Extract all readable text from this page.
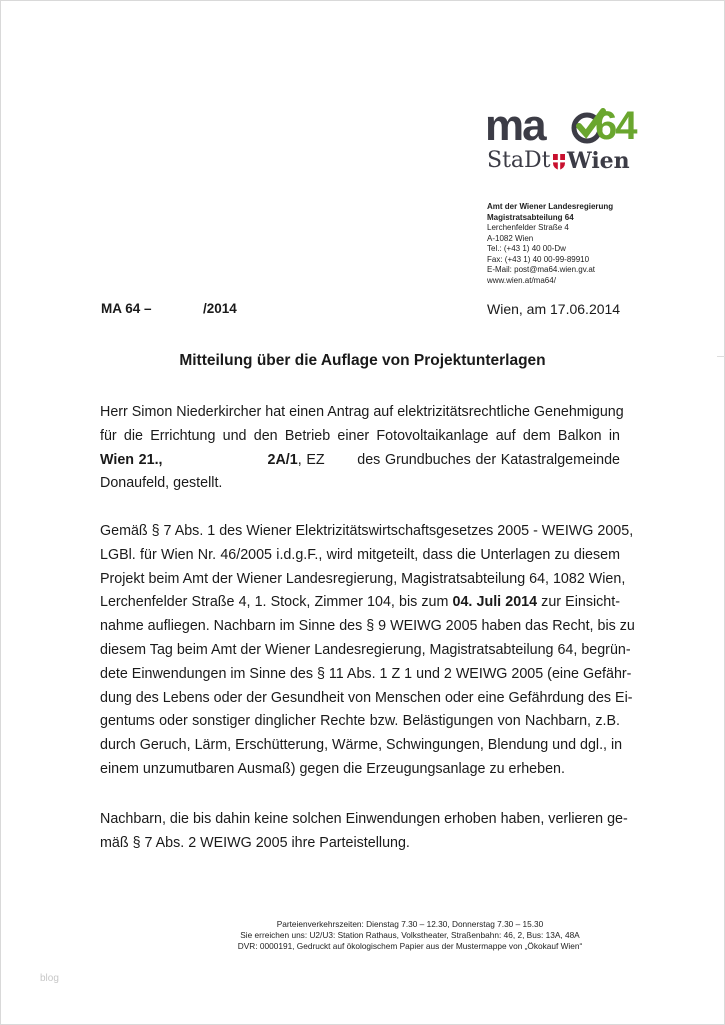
ma 64
StaDt Wien
Amt der Wiener Landesregierung
Magistratsabteilung 64
Lerchenfelder Straße 4
A-1082 Wien
Tel.: (+43 1) 40 00-Dw
Fax: (+43 1) 40 00-99-89910
E-Mail: post@ma64.wien.gv.at
www.wien.at/ma64/
MA 64 –	/2014	Wien, am 17.06.2014
Mitteilung über die Auflage von Projektunterlagen
Herr Simon Niederkircher hat einen Antrag auf elektrizitätsrechtliche Genehmigung
für die Errichtung und den Betrieb einer Fotovoltaikanlage auf dem Balkon in
Wien 21.,	2A/1, EZ des Grundbuches der Katastralgemeinde
Donaufeld, gestellt.
Gemäß § 7 Abs. 1 des Wiener Elektrizitätswirtschaftsgesetzes 2005 - WEIWG 2005,
LGBl. für Wien Nr. 46/2005 i.d.g.F., wird mitgeteilt, dass die Unterlagen zu diesem
Projekt beim Amt der Wiener Landesregierung, Magistratsabteilung 64, 1082 Wien,
Lerchenfelder Straße 4, 1. Stock, Zimmer 104, bis zum 04. Juli 2014 zur Einsicht-
nahme aufliegen. Nachbarn im Sinne des § 9 WEIWG 2005 haben das Recht, bis zu
diesem Tag beim Amt der Wiener Landesregierung, Magistratsabteilung 64, begrün-
dete Einwendungen im Sinne des § 11 Abs. 1 Z 1 und 2 WEIWG 2005 (eine Gefähr-
dung des Lebens oder der Gesundheit von Menschen oder eine Gefährdung des Ei-
gentums oder sonstiger dinglicher Rechte bzw. Belästigungen von Nachbarn, z.B.
durch Geruch, Lärm, Erschütterung, Wärme, Schwingungen, Blendung und dgl., in
einem unzumutbaren Ausmaß) gegen die Erzeugungsanlage zu erheben.
Nachbarn, die bis dahin keine solchen Einwendungen erhoben haben, verlieren ge-
mäß § 7 Abs. 2 WEIWG 2005 ihre Parteistellung.
Parteienverkehrszeiten: Dienstag 7.30 – 12.30, Donnerstag 7.30 – 15.30
Sie erreichen uns: U2/U3: Station Rathaus, Volkstheater, Straßenbahn: 46, 2, Bus: 13A, 48A
DVR: 0000191, Gedruckt auf ökologischem Papier aus der Mustermappe von „Ökokauf Wien“
blog
